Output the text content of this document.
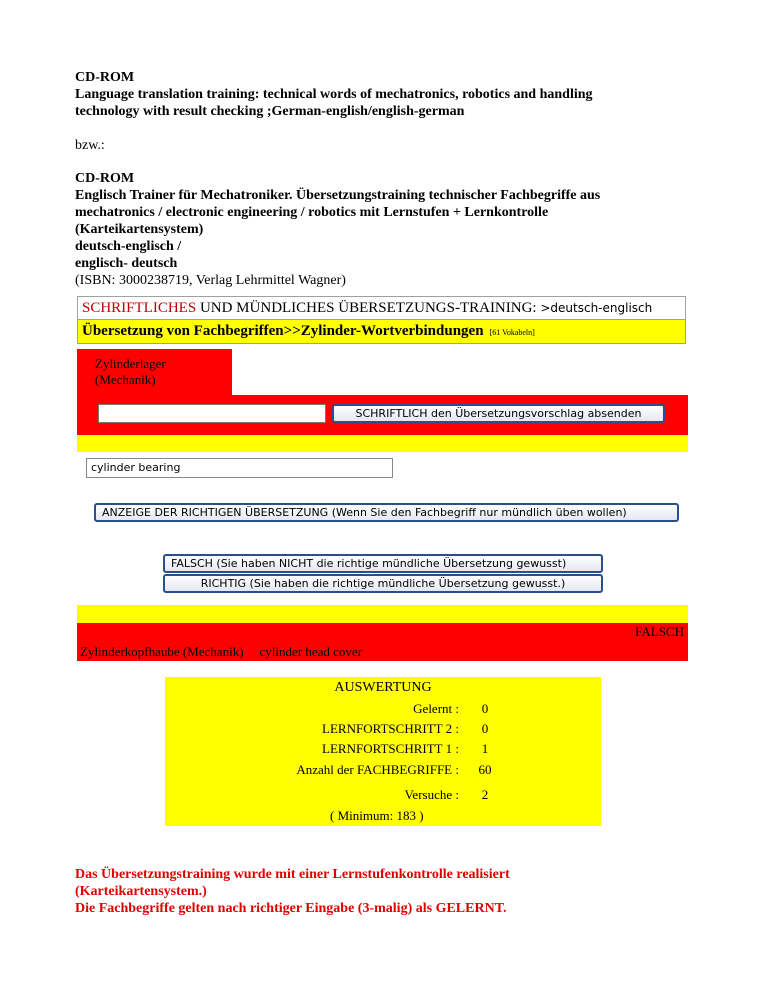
CD-ROM
Language translation training: technical words of mechatronics, robotics and handling
technology with result checking ;German-english/english-german
bzw.:
CD-ROM
Englisch Trainer für Mechatroniker. Übersetzungstraining technischer Fachbegriffe aus
mechatronics / electronic engineering / robotics mit Lernstufen + Lernkontrolle
(Karteikartensystem)
deutsch-englisch /
englisch- deutsch
(ISBN: 3000238719, Verlag Lehrmittel Wagner)
SCHRIFTLICHES UND MÜNDLICHES ÜBERSETZUNGS-TRAINING: >deutsch-englisch
Übersetzung von Fachbegriffen>>Zylinder-Wortverbindungen [61 Vokabeln]
Zylinderlager
(Mechanik)
SCHRIFTLICH den Übersetzungsvorschlag absenden
cylinder bearing
ANZEIGE DER RICHTIGEN ÜBERSETZUNG (Wenn Sie den Fachbegriff nur mündlich üben wollen)
FALSCH (Sie haben NICHT die richtige mündliche Übersetzung gewusst)
RICHTIG (Sie haben die richtige mündliche Übersetzung gewusst.)
FALSCH
Zylinderkopfhaube (Mechanik) cylinder head cover
AUSWERTUNG
Gelernt :	0
LERNFORTSCHRITT 2 :	0
LERNFORTSCHRITT 1 :	1
Anzahl der FACHBEGRIFFE : 60
Versuche :	2
( Minimum: 183 )
Das Übersetzungstraining wurde mit einer Lernstufenkontrolle realisiert
(Karteikartensystem.)
Die Fachbegriffe gelten nach richtiger Eingabe (3-malig) als GELERNT.
